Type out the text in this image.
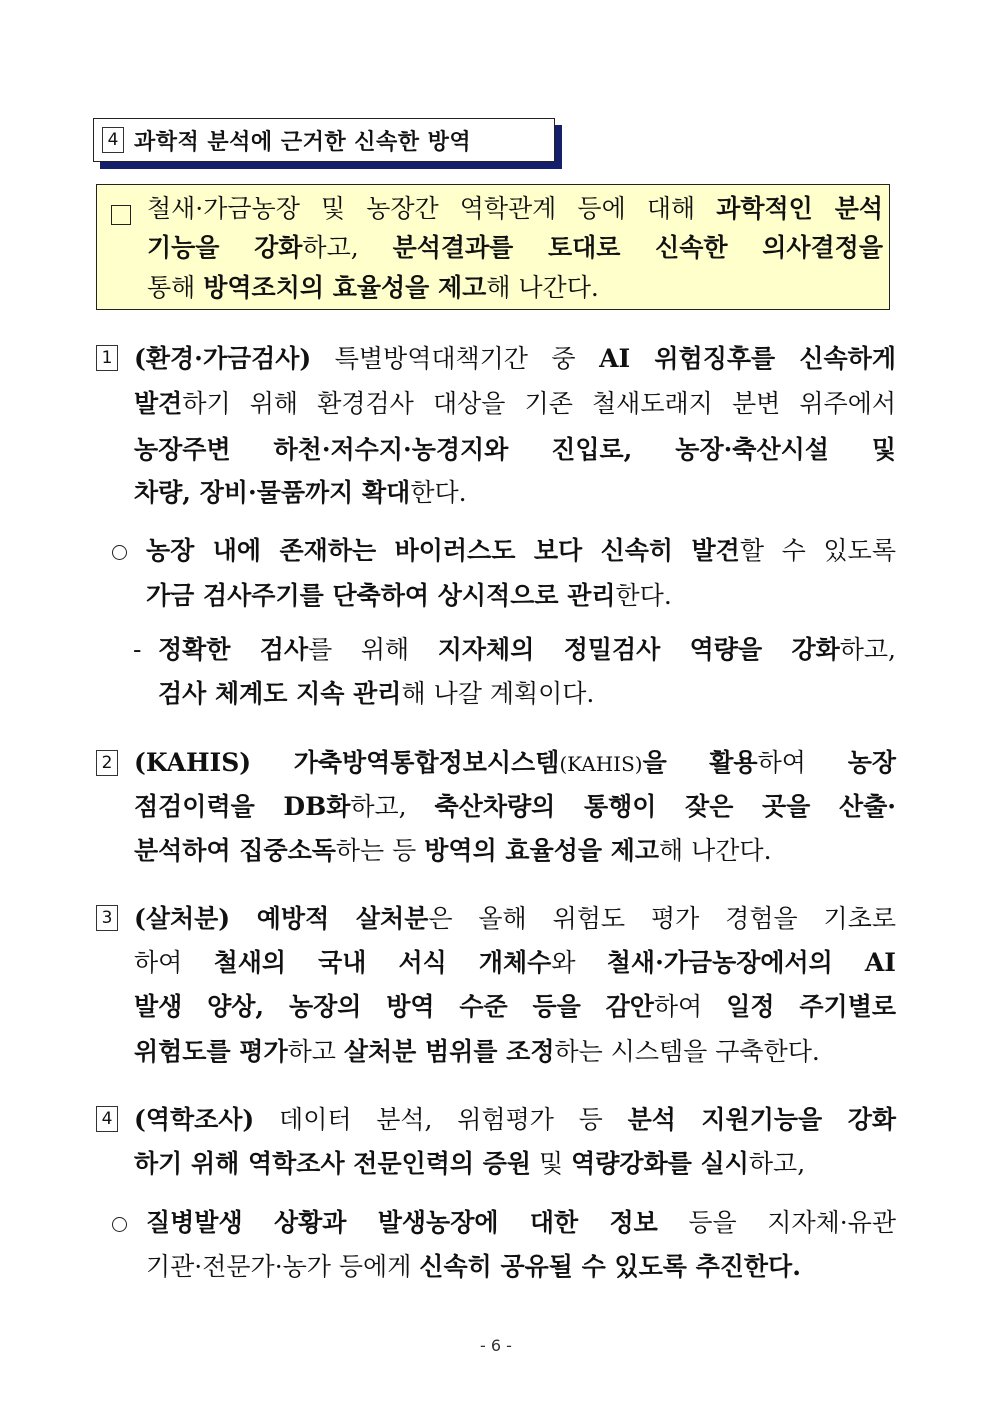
4 과학적 분석에 근거한 신속한 방역
철새·가금농장 및 농장간 역학관계 등에 대해 과학적인 분석
기능을 강화하고, 분석결과를 토대로 신속한 의사결정을
통해 방역조치의 효율성을 제고해 나간다.
1 (환경·가금검사) 특별방역대책기간 중 AI 위험징후를 신속하게
발견하기 위해 환경검사 대상을 기존 철새도래지 분변 위주에서
농장주변 하천·저수지·농경지와 진입로, 농장·축산시설 및
차량, 장비·물품까지 확대한다.
농장 내에 존재하는 바이러스도 보다 신속히 발견할 수 있도록
가금 검사주기를 단축하여 상시적으로 관리한다.
- 정확한 검사를 위해 지자체의 정밀검사 역량을 강화하고,
검사 체계도 지속 관리해 나갈 계획이다.
2 (KAHIS) 가축방역통합정보시스템(KAHIS)을 활용하여 농장
점검이력을 DB화하고, 축산차량의 통행이 잦은 곳을 산출·
분석하여 집중소독하는 등 방역의 효율성을 제고해 나간다.
3 (살처분) 예방적 살처분은 올해 위험도 평가 경험을 기초로
하여 철새의 국내 서식 개체수와 철새·가금농장에서의 AI
발생 양상, 농장의 방역 수준 등을 감안하여 일정 주기별로
위험도를 평가하고 살처분 범위를 조정하는 시스템을 구축한다.
4 (역학조사) 데이터 분석, 위험평가 등 분석 지원기능을 강화
하기 위해 역학조사 전문인력의 증원 및 역량강화를 실시하고,
질병발생 상황과 발생농장에 대한 정보 등을 지자체·유관
기관·전문가·농가 등에게 신속히 공유될 수 있도록 추진한다.
- 6 -
